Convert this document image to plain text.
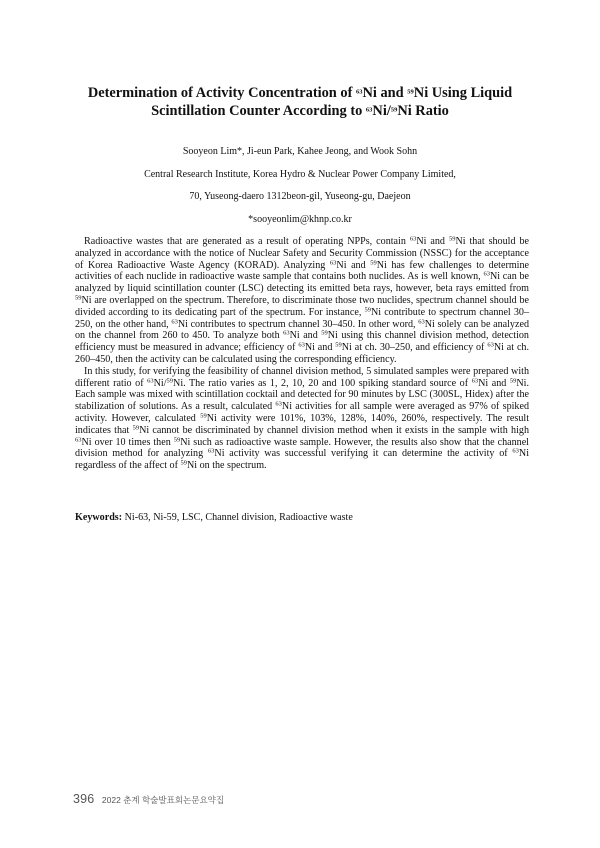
Determination of Activity Concentration of $^{63}$Ni and $^{59}$Ni Using Liquid
Scintillation Counter According to $^{63}$Ni/$^{59}$Ni Ratio
Sooyeon Lim*, Ji-eun Park, Kahee Jeong, and Wook Sohn
Central Research Institute, Korea Hydro & Nuclear Power Company Limited,
70, Yuseong-daero 1312beon-gil, Yuseong-gu, Daejeon
*sooyeonlim@khnp.co.kr

Radioactive wastes that are generated as a result of operating NPPs, contain $^{63}$Ni and $^{59}$Ni that should be analyzed in accordance with the notice of Nuclear Safety and Security Commission (NSSC) for the acceptance of Korea Radioactive Waste Agency (KORAD). Analyzing $^{63}$Ni and $^{59}$Ni has few challenges to determine activities of each nuclide in radioactive waste sample that contains both nuclides. As is well known, $^{63}$Ni can be analyzed by liquid scintillation counter (LSC) detecting its emitted beta rays, however, beta rays emitted from $^{59}$Ni are overlapped on the spectrum. Therefore, to discriminate those two nuclides, spectrum channel should be divided according to its dedicating part of the spectrum. For instance, $^{59}$Ni contribute to spectrum channel 30–250, on the other hand, $^{63}$Ni contributes to spectrum channel 30–450. In other word, $^{63}$Ni solely can be analyzed on the channel from 260 to 450. To analyze both $^{63}$Ni and $^{59}$Ni using this channel division method, detection efficiency must be measured in advance; efficiency of $^{63}$Ni and $^{59}$Ni at ch. 30–250, and efficiency of $^{63}$Ni at ch. 260–450, then the activity can be calculated using the corresponding efficiency.

In this study, for verifying the feasibility of channel division method, 5 simulated samples were prepared with different ratio of $^{63}$Ni/$^{59}$Ni. The ratio varies as 1, 2, 10, 20 and 100 spiking standard source of $^{63}$Ni and $^{59}$Ni. Each sample was mixed with scintillation cocktail and detected for 90 minutes by LSC (300SL, Hidex) after the stabilization of solutions. As a result, calculated $^{63}$Ni activities for all sample were averaged as 97% of spiked activity. However, calculated $^{59}$Ni activity were 101%, 103%, 128%, 140%, 260%, respectively. The result indicates that $^{59}$Ni cannot be discriminated by channel division method when it exists in the sample with high $^{63}$Ni over 10 times then $^{59}$Ni such as radioactive waste sample. However, the results also show that the channel division method for analyzing $^{63}$Ni activity was successful verifying it can determine the activity of $^{63}$Ni regardless of the affect of $^{59}$Ni on the spectrum.

Keywords: Ni-63, Ni-59, LSC, Channel division, Radioactive waste
396 2022 춘계 학술발표회논문요약집
